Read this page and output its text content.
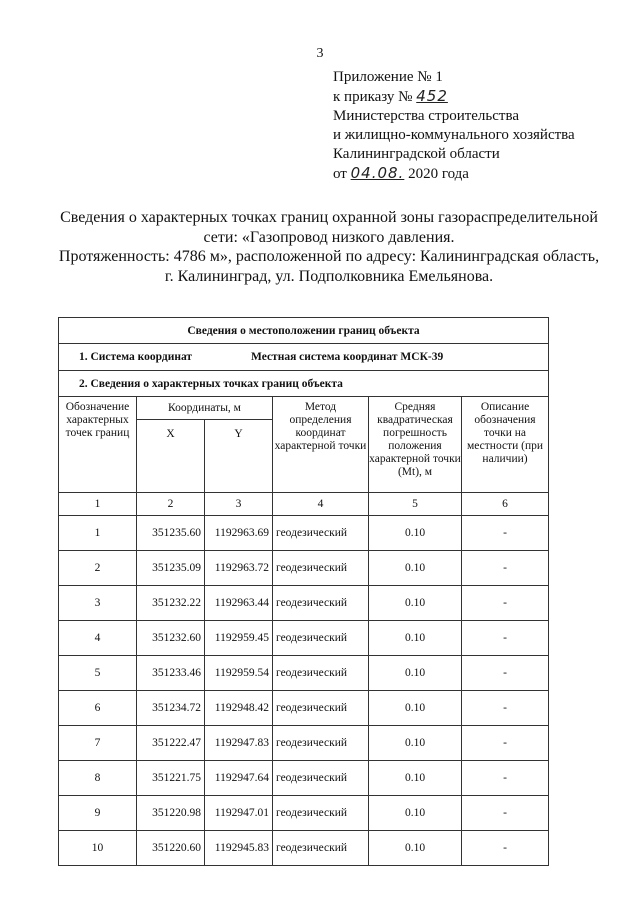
3
Приложение № 1
к приказу № 452
Министерства строительства
и жилищно-коммунального хозяйства
Калининградской области
от 04.08. 2020 года
Сведения о характерных точках границ охранной зоны газораспределительной
сети: «Газопровод низкого давления.
Протяженность: 4786 м», расположенной по адресу: Калининградская область,
г. Калининград, ул. Подполковника Емельянова.
Сведения о местоположении границ объекта					
1. Система координат Местная система координат МСК-39					
2. Сведения о характерных точках границ объекта					
Обозначение характерных точек границ	Координаты, м		Метод определения координат характерной точки	Средняя квадратическая погрешность положения характерной точки (Mt), м	Описание обозначения точки на местности (при наличии)
	X	Y			
1	2	3	4	5	6
1	351235.60	1192963.69	геодезический	0.10	-
2	351235.09	1192963.72	геодезический	0.10	-
3	351232.22	1192963.44	геодезический	0.10	-
4	351232.60	1192959.45	геодезический	0.10	-
5	351233.46	1192959.54	геодезический	0.10	-
6	351234.72	1192948.42	геодезический	0.10	-
7	351222.47	1192947.83	геодезический	0.10	-
8	351221.75	1192947.64	геодезический	0.10	-
9	351220.98	1192947.01	геодезический	0.10	-
10	351220.60	1192945.83	геодезический	0.10	-
